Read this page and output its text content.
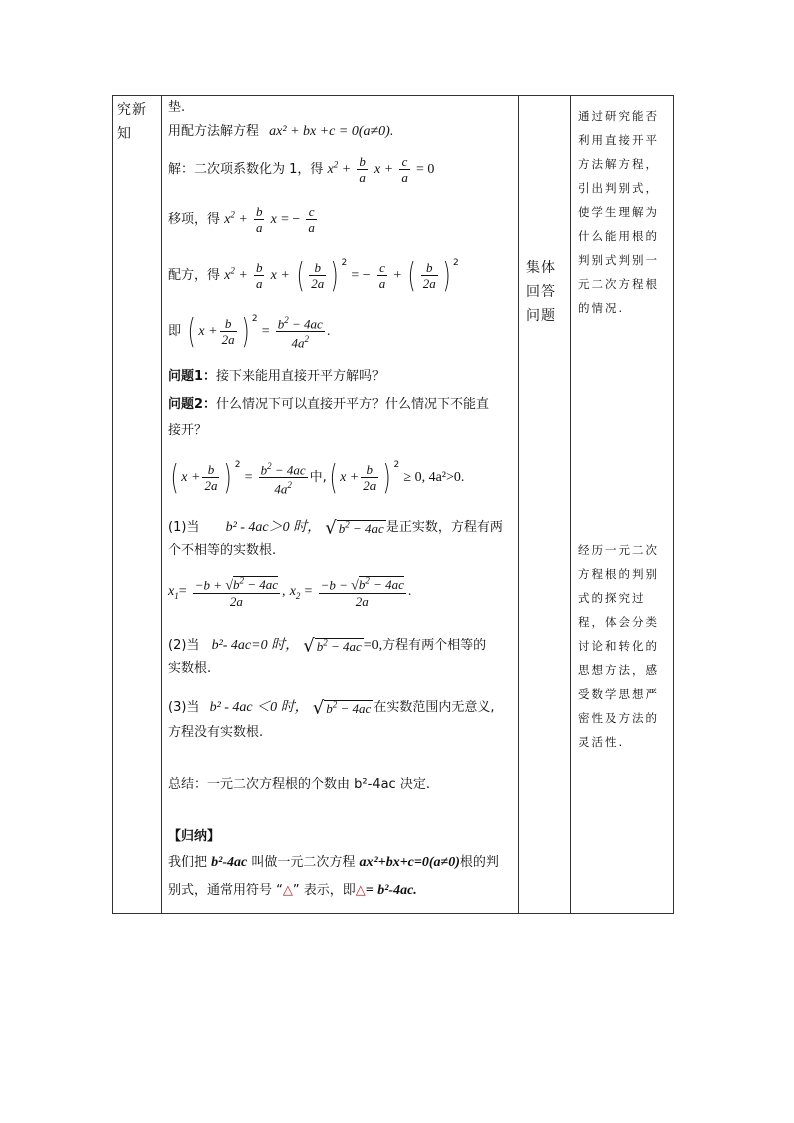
究新知

垫.
用配方法解方程 ax² + bx +c = 0(a≠0).
解：二次项系数化为 1，得 $x^2 + \frac{b}{a}$ $x + \frac{c}{a} = 0$
移项，得 $x^2 + \frac{b}{a}$ x = − $\frac{c}{a}$
配方，得 $x^2 + \frac{b}{a}$ x + ( $\frac{b}{2a}$ ) $^2$ = − $\frac{c}{a}$ + ( $\frac{b}{2a}$ ) $^2$
即 ( $x + \frac{b}{2a}$ ) $^2 = \frac{b^2 - 4ac}{4a^2}$ .
问题1：接下来能用直接开平方解吗？
问题2：什么情况下可以直接开平方？什么情况下不能直
接开？
( $x + \frac{b}{2a}$ ) $^2 = \frac{b^2 - 4ac}{4a^2}$ 中,( $x + \frac{b}{2a}$ ) $^2$ ≥ 0, 4a²>0.
(1)当 b² - 4ac＞0 时， √ $b^2 - 4ac$ 是正实数，方程有两
个不相等的实数根.
$x_1= \frac{-b + √b^2 - 4ac}{2a}$ , $x_2 = \frac{-b - √b^2 - 4ac}{2a}$ .
(2)当 b²- 4ac=0 时， √ $b^2 - 4ac =0$,方程有两个相等的
实数根.
(3)当 b² - 4ac ＜0 时， √ $b^2 - 4ac$ 在实数范围内无意义,
方程没有实数根.
总结：一元二次方程根的个数由 b²-4ac 决定.
【归纳】
我们把 b²-4ac 叫做一元二次方程 ax²+bx+c=0(a≠0)根的判
别式，通常用符号 “△” 表示，即△= b²-4ac.

集体回答问题

通过研究能否利用直接开平方法解方程，引出判别式，使学生理解为什么能用根的判别式判别一元二次方程根的情况.
经历一元二次方程根的判别式的探究过程，体会分类讨论和转化的思想方法，感受数学思想严密性及方法的灵活性.
